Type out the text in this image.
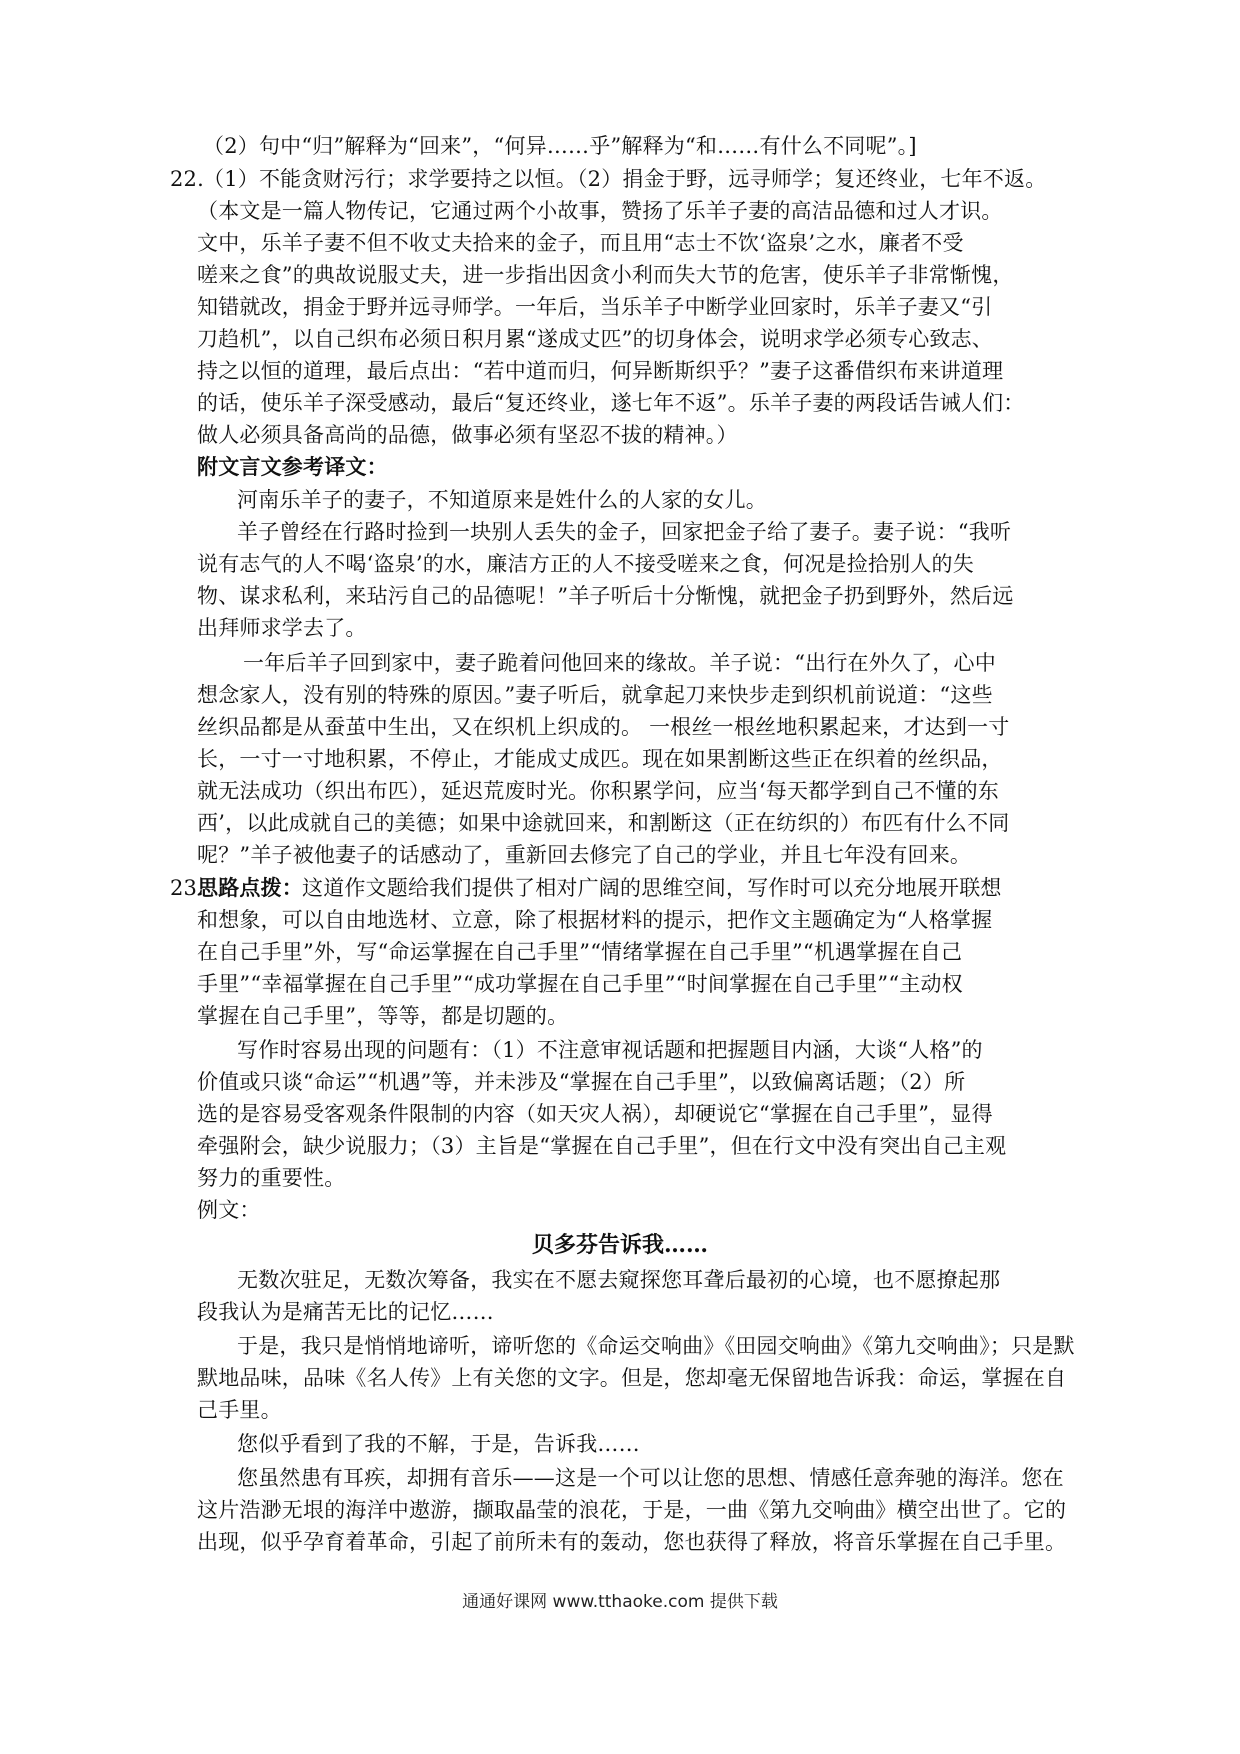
（2）句中“归”解释为“回来”，“何异……乎”解释为“和……有什么不同呢”。]
22. （1）不能贪财污行；求学要持之以恒。（2）捐金于野，远寻师学；复还终业，七年不返。
（本文是一篇人物传记，它通过两个小故事，赞扬了乐羊子妻的高洁品德和过人才识。
文中，乐羊子妻不但不收丈夫拾来的金子，而且用“志士不饮‘盗泉’之水，廉者不受
嗟来之食”的典故说服丈夫，进一步指出因贪小利而失大节的危害，使乐羊子非常惭愧，
知错就改，捐金于野并远寻师学。一年后，当乐羊子中断学业回家时，乐羊子妻又“引
刀趋机”，以自己织布必须日积月累“遂成丈匹”的切身体会，说明求学必须专心致志、
持之以恒的道理，最后点出：“若中道而归，何异断斯织乎？”妻子这番借织布来讲道理
的话，使乐羊子深受感动，最后“复还终业，遂七年不返”。乐羊子妻的两段话告诫人们：
做人必须具备高尚的品德，做事必须有坚忍不拔的精神。）
附文言文参考译文：
河南乐羊子的妻子，不知道原来是姓什么的人家的女儿。
羊子曾经在行路时捡到一块别人丢失的金子，回家把金子给了妻子。妻子说：“我听
说有志气的人不喝‘盗泉’的水，廉洁方正的人不接受嗟来之食，何况是捡拾别人的失
物、谋求私利，来玷污自己的品德呢！”羊子听后十分惭愧，就把金子扔到野外，然后远
出拜师求学去了。
一年后羊子回到家中，妻子跪着问他回来的缘故。羊子说：“出行在外久了，心中
想念家人，没有别的特殊的原因。”妻子听后，就拿起刀来快步走到织机前说道：“这些
丝织品都是从蚕茧中生出，又在织机上织成的。 一根丝一根丝地积累起来，才达到一寸
长，一寸一寸地积累，不停止，才能成丈成匹。现在如果割断这些正在织着的丝织品，
就无法成功（织出布匹），延迟荒废时光。你积累学问，应当‘每天都学到自己不懂的东
西’，以此成就自己的美德；如果中途就回来，和割断这（正在纺织的）布匹有什么不同
呢？”羊子被他妻子的话感动了，重新回去修完了自己的学业，并且七年没有回来。
23.
思路点拨： 这道作文题给我们提供了相对广阔的思维空间，写作时可以充分地展开联想
和想象，可以自由地选材、立意，除了根据材料的提示，把作文主题确定为“人格掌握
在自己手里”外，写“命运掌握在自己手里”“情绪掌握在自己手里”“机遇掌握在自己
手里”“幸福掌握在自己手里”“成功掌握在自己手里”“时间掌握在自己手里”“主动权
掌握在自己手里”，等等，都是切题的。
写作时容易出现的问题有：（1）不注意审视话题和把握题目内涵，大谈“人格”的
价值或只谈“命运”“机遇”等，并未涉及“掌握在自己手里”，以致偏离话题；（2）所
选的是容易受客观条件限制的内容（如天灾人祸），却硬说它“掌握在自己手里”，显得
牵强附会，缺少说服力；（3）主旨是“掌握在自己手里”，但在行文中没有突出自己主观
努力的重要性。
例文：
贝多芬告诉我……
无数次驻足，无数次筹备，我实在不愿去窥探您耳聋后最初的心境，也不愿撩起那
段我认为是痛苦无比的记忆……
于是，我只是悄悄地谛听，谛听您的《命运交响曲》《田园交响曲》《第九交响曲》；只是默
默地品味，品味《名人传》上有关您的文字。但是，您却毫无保留地告诉我：命运，掌握在自
己手里。
您似乎看到了我的不解，于是，告诉我……
您虽然患有耳疾，却拥有音乐——这是一个可以让您的思想、情感任意奔驰的海洋。您在
这片浩渺无垠的海洋中遨游，撷取晶莹的浪花，于是，一曲《第九交响曲》横空出世了。它的
出现，似乎孕育着革命，引起了前所未有的轰动，您也获得了释放，将音乐掌握在自己手里。
通通好课网 www.tthaoke.com 提供下载
